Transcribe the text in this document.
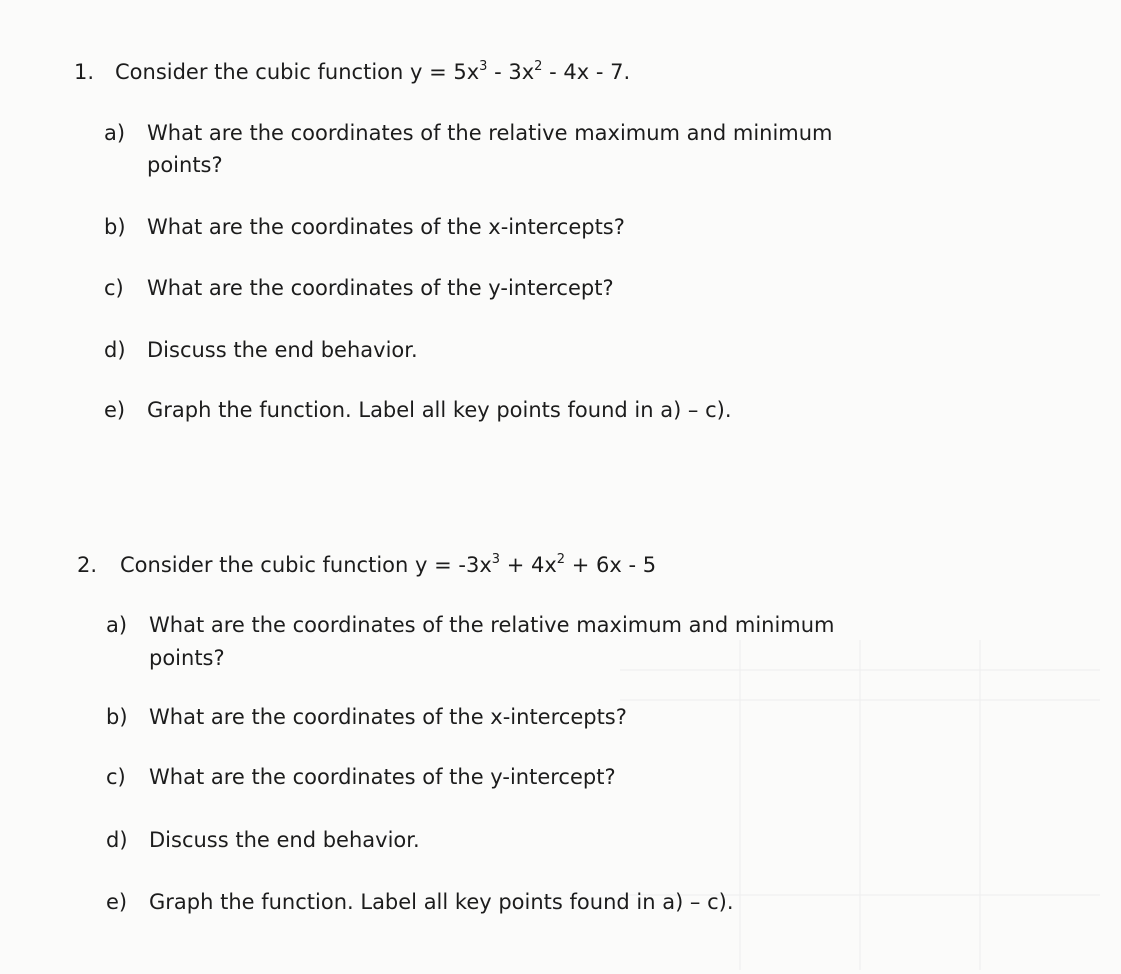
1. Consider the cubic function $y = 5x^3 - 3x^2 - 4x - 7$.
a) What are the coordinates of the relative maximum and minimum
points?
b) What are the coordinates of the x-intercepts?
c) What are the coordinates of the y-intercept?
d) Discuss the end behavior.
e) Graph the function. Label all key points found in a) – c).
2. Consider the cubic function $y = -3x^3 + 4x^2 + 6x - 5$
a) What are the coordinates of the relative maximum and minimum
points?
b) What are the coordinates of the x-intercepts?
c) What are the coordinates of the y-intercept?
d) Discuss the end behavior.
e) Graph the function. Label all key points found in a) – c).
